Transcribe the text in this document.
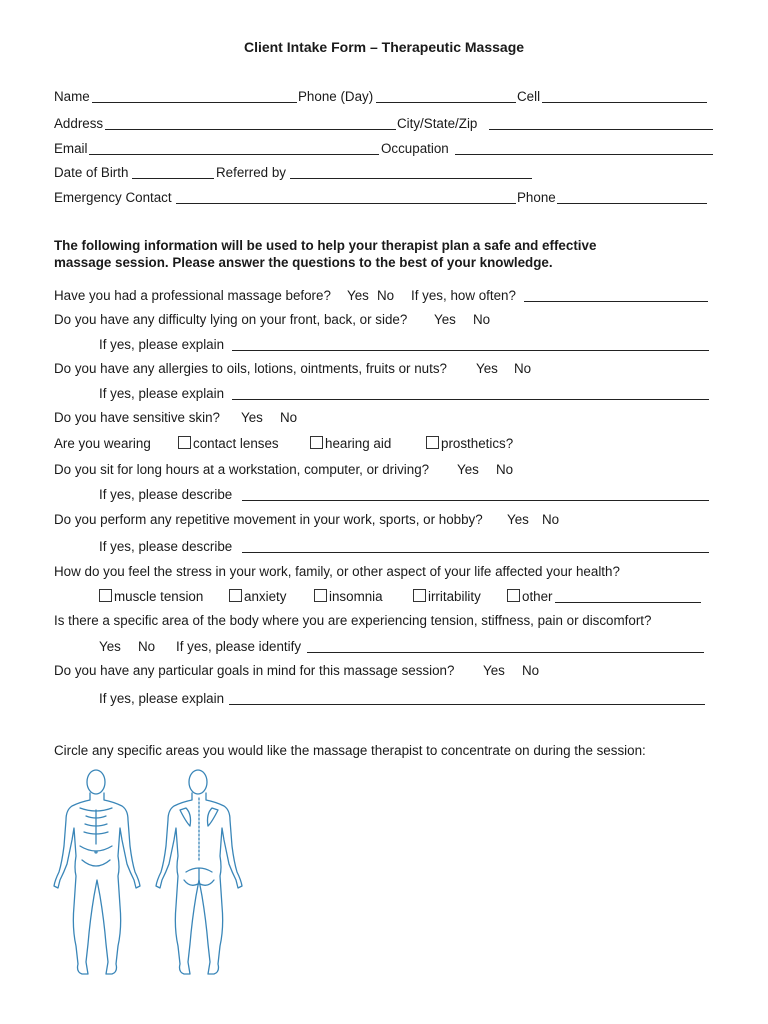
Client Intake Form – Therapeutic Massage
Name	Phone (Day)	Cell
Address	City/State/Zip
Email	Occupation
Date of Birth	Referred by
Emergency Contact	Phone
The following information will be used to help your therapist plan a safe and effective
massage session. Please answer the questions to the best of your knowledge.
Have you had a professional massage before? Yes No If yes, how often?
Do you have any difficulty lying on your front, back, or side? Yes No
If yes, please explain
Do you have any allergies to oils, lotions, ointments, fruits or nuts? Yes No
If yes, please explain
Do you have sensitive skin? Yes No
Are you wearing	contact lenses	hearing aid	prosthetics?
Do you sit for long hours at a workstation, computer, or driving? Yes No
If yes, please describe
Do you perform any repetitive movement in your work, sports, or hobby? Yes No
If yes, please describe
How do you feel the stress in your work, family, or other aspect of your life affected your health?
muscle tension	anxiety	insomnia	irritability	other
Is there a specific area of the body where you are experiencing tension, stiffness, pain or discomfort?
Yes No If yes, please identify
Do you have any particular goals in mind for this massage session? Yes No
If yes, please explain
Circle any specific areas you would like the massage therapist to concentrate on during the session:
